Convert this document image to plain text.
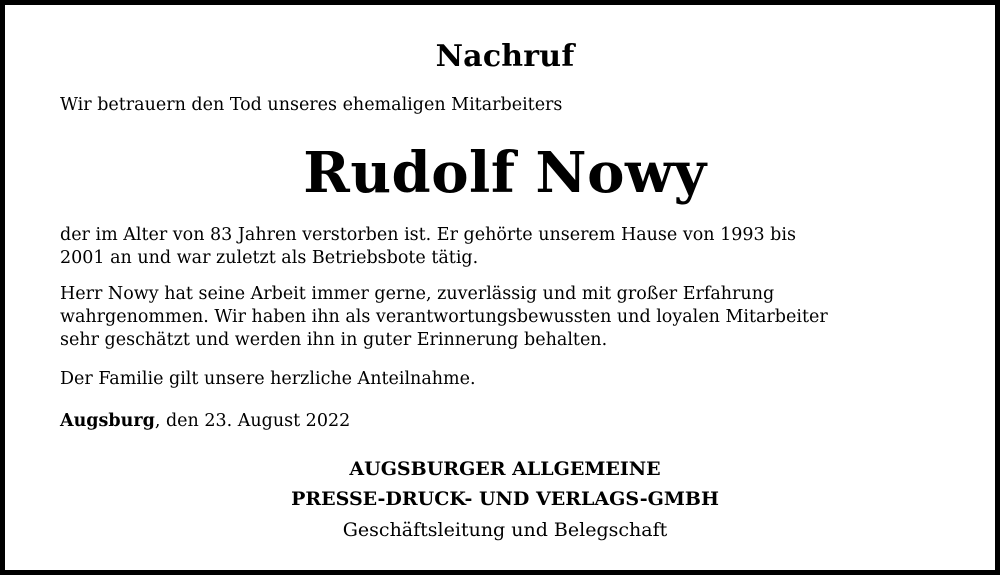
Nachruf

Wir betrauern den Tod unseres ehemaligen Mitarbeiters

Rudolf Nowy

der im Alter von 83 Jahren verstorben ist. Er gehörte unserem Hause von 1993 bis
2001 an und war zuletzt als Betriebsbote tätig.

Herr Nowy hat seine Arbeit immer gerne, zuverlässig und mit großer Erfahrung
wahrgenommen. Wir haben ihn als verantwortungsbewussten und loyalen Mitarbeiter
sehr geschätzt und werden ihn in guter Erinnerung behalten.

Der Familie gilt unsere herzliche Anteilnahme.

Augsburg, den 23. August 2022

AUGSBURGER ALLGEMEINE

PRESSE-DRUCK- UND VERLAGS-GMBH

Geschäftsleitung und Belegschaft
